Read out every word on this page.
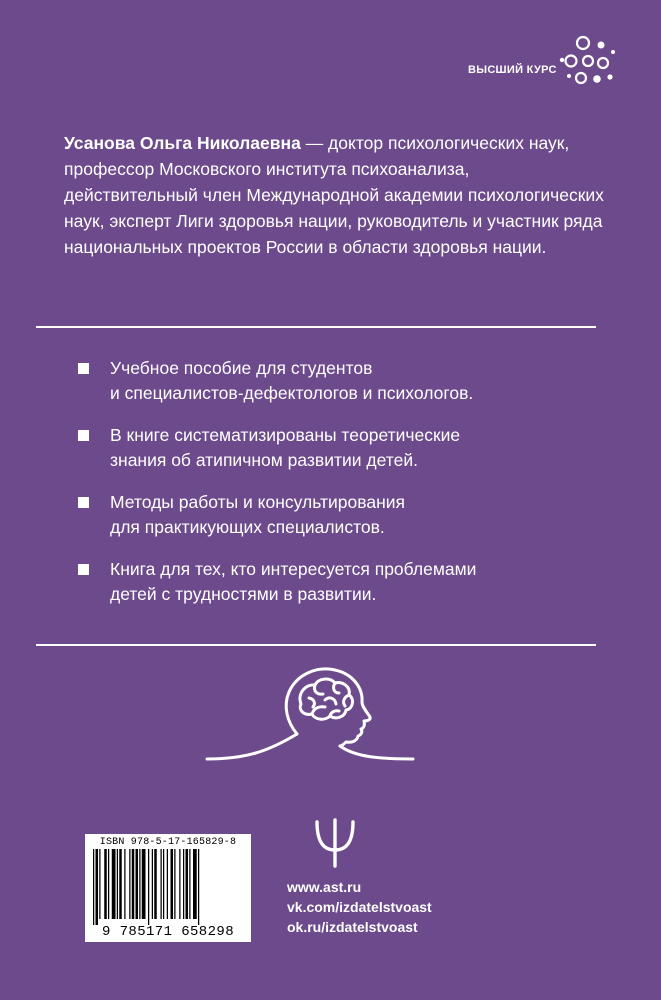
ВЫСШИЙ КУРС
Усанова Ольга Николаевна — доктор психологических наук, профессор Московского института психоанализа, действительный член Международной академии психологических наук, эксперт Лиги здоровья нации, руководитель и участник ряда национальных проектов России в области здоровья нации.
Учебное пособие для студентов
и специалистов-дефектологов и психологов.
В книге систематизированы теоретические
знания об атипичном развитии детей.
Методы работы и консультирования
для практикующих специалистов.
Книга для тех, кто интересуется проблемами
детей с трудностями в развитии.
ISBN 978-5-17-165829-8
9 785171 658298
www.ast.ru
vk.com/izdatelstvoast
ok.ru/izdatelstvoast
